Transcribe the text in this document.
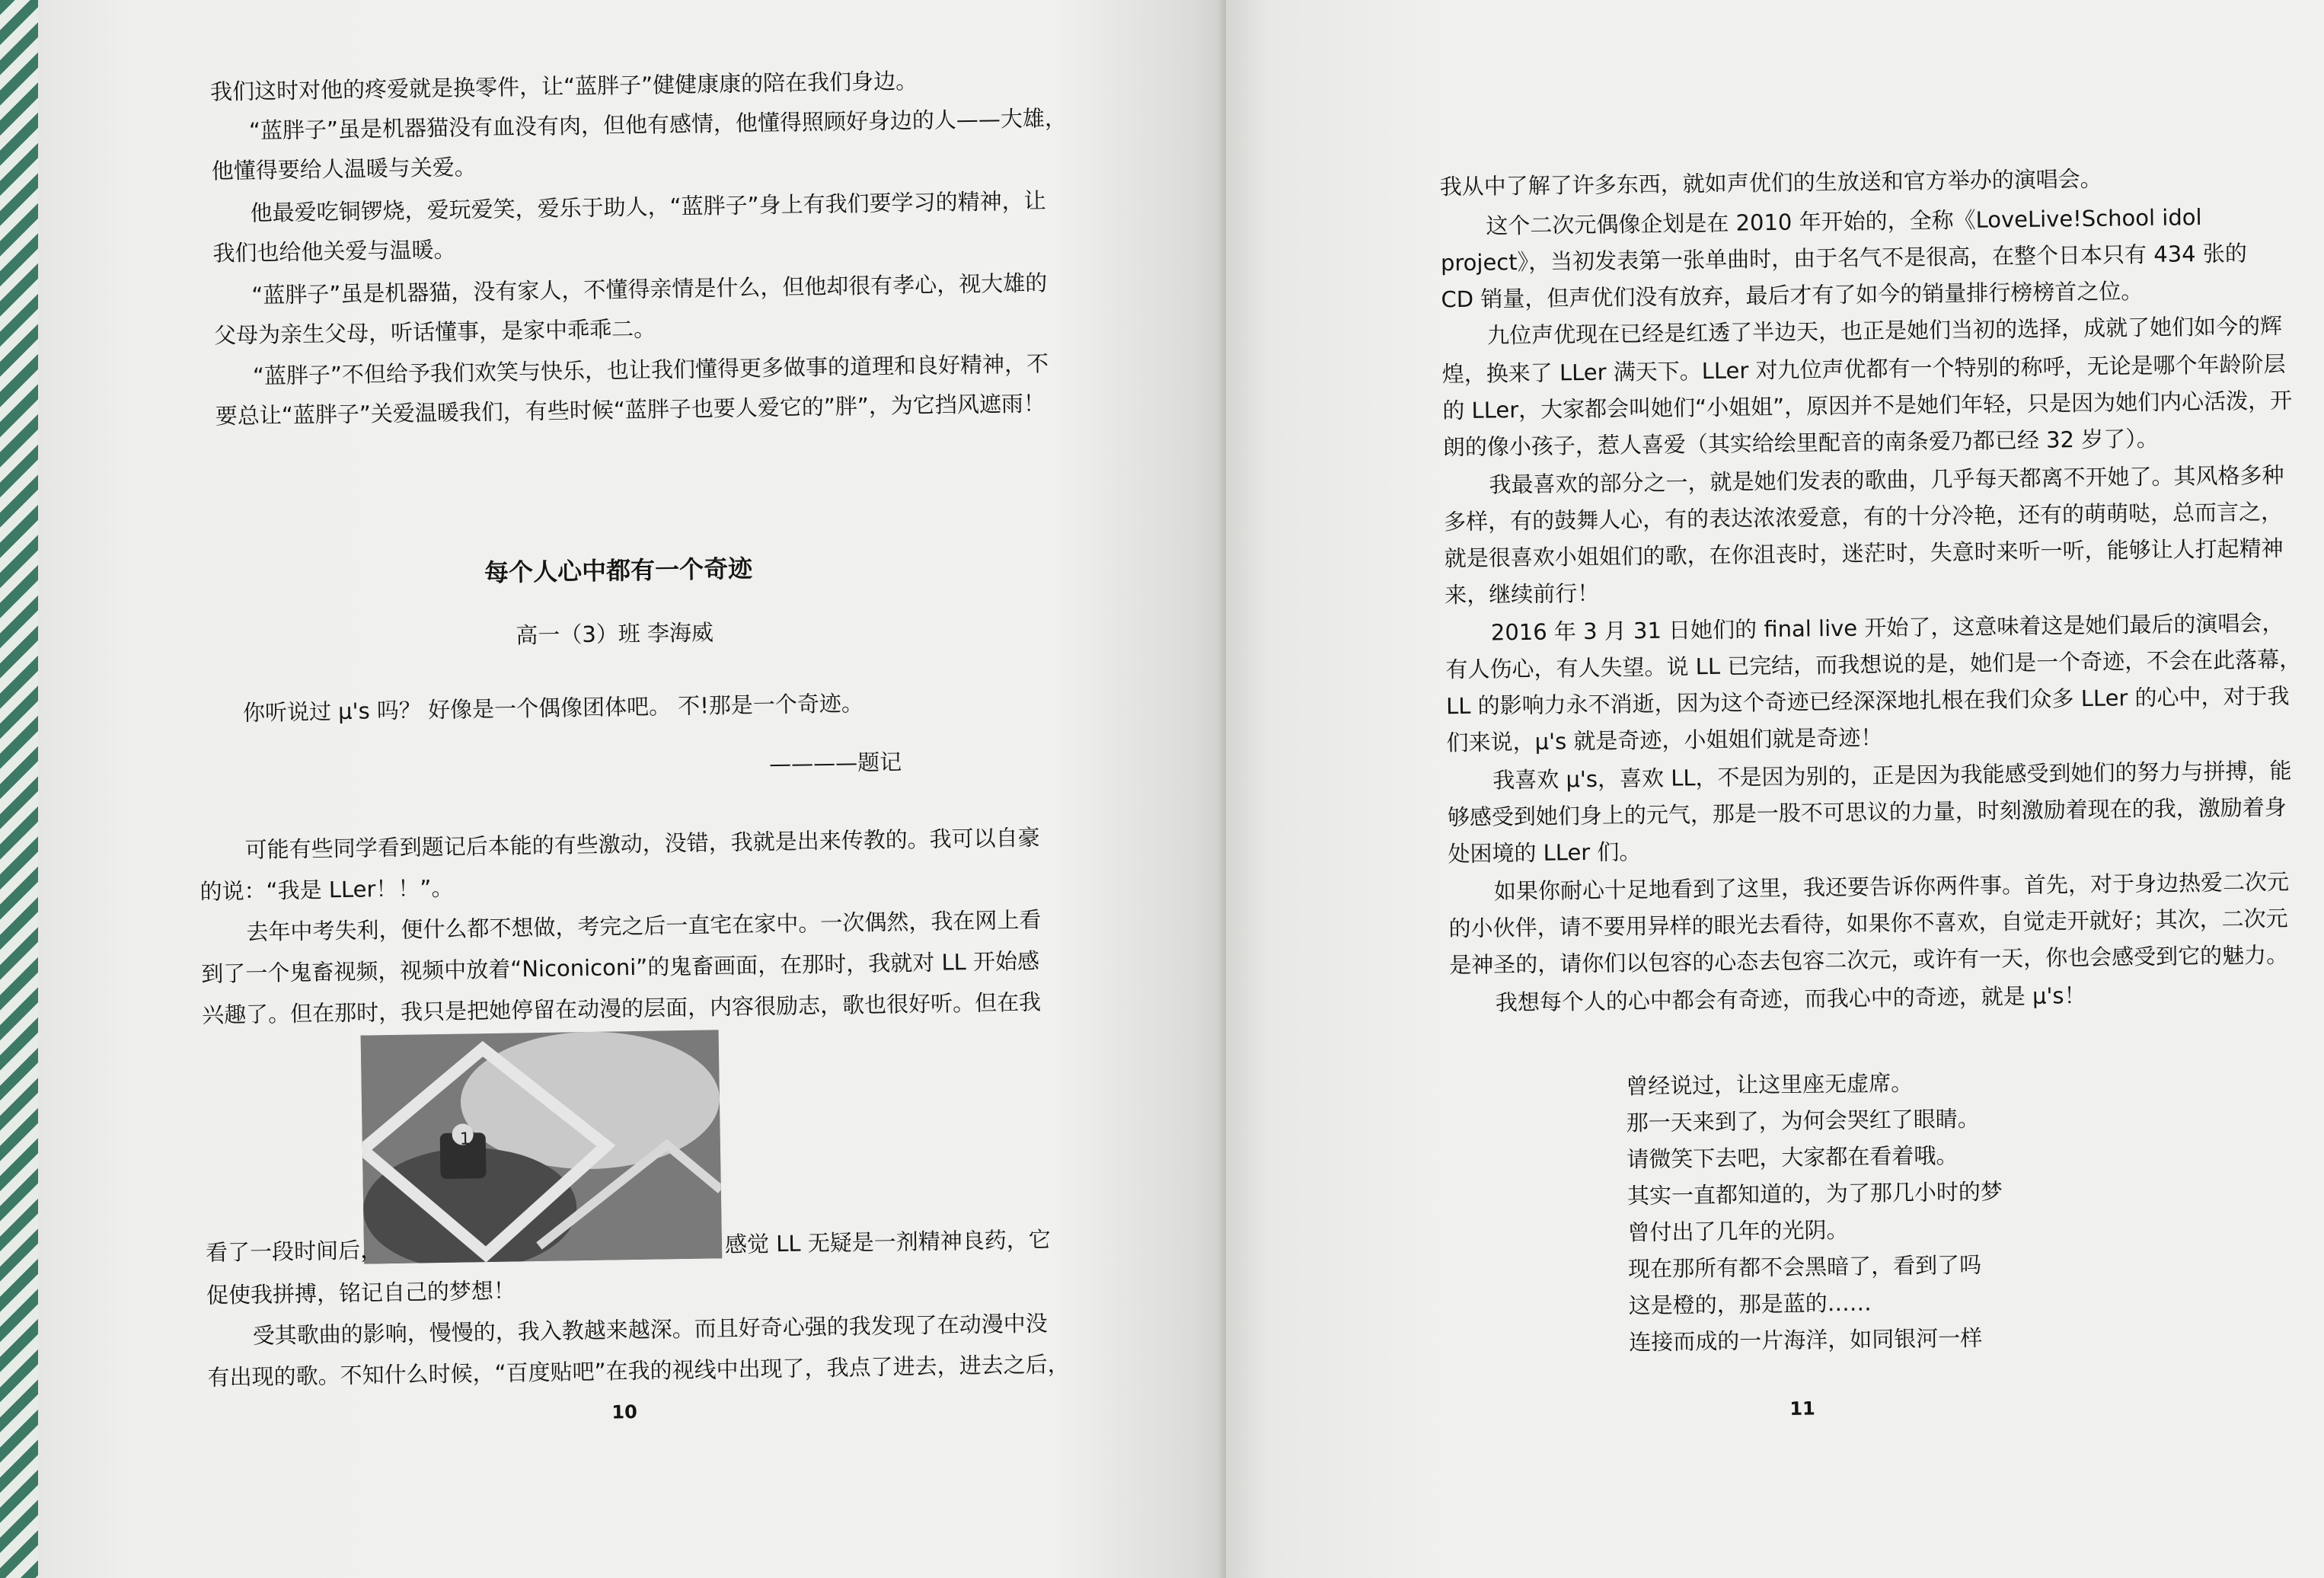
我们这时对他的疼爱就是换零件，让“蓝胖子”健健康康的陪在我们身边。
“蓝胖子”虽是机器猫没有血没有肉，但他有感情，他懂得照顾好身边的人——大雄，
他懂得要给人温暖与关爱。
他最爱吃铜锣烧，爱玩爱笑，爱乐于助人，“蓝胖子”身上有我们要学习的精神，让
我们也给他关爱与温暖。
“蓝胖子”虽是机器猫，没有家人，不懂得亲情是什么，但他却很有孝心，视大雄的
父母为亲生父母，听话懂事，是家中乖乖二。
“蓝胖子”不但给予我们欢笑与快乐，也让我们懂得更多做事的道理和良好精神，不
要总让“蓝胖子”关爱温暖我们，有些时候“蓝胖子也要人爱它的”胖”，为它挡风遮雨！
每个人心中都有一个奇迹
高一（3）班 李海威
你听说过 μ's 吗？ 好像是一个偶像团体吧。 不!那是一个奇迹。
————题记
可能有些同学看到题记后本能的有些激动，没错，我就是出来传教的。我可以自豪
的说：“我是 LLer！！”。
去年中考失利，便什么都不想做，考完之后一直宅在家中。一次偶然，我在网上看
到了一个鬼畜视频，视频中放着“Niconiconi”的鬼畜画面，在那时，我就对 LL 开始感
兴趣了。但在那时，我只是把她停留在动漫的层面，内容很励志，歌也很好听。但在我
1
看了一段时间后，	感觉 LL 无疑是一剂精神良药，它
促使我拼搏，铭记自己的梦想！
受其歌曲的影响，慢慢的，我入教越来越深。而且好奇心强的我发现了在动漫中没
有出现的歌。不知什么时候，“百度贴吧”在我的视线中出现了，我点了进去，进去之后，
10
我从中了解了许多东西，就如声优们的生放送和官方举办的演唱会。
这个二次元偶像企划是在 2010 年开始的，全称《LoveLive!School idol
project》，当初发表第一张单曲时，由于名气不是很高，在整个日本只有 434 张的
CD 销量，但声优们没有放弃，最后才有了如今的销量排行榜榜首之位。
九位声优现在已经是红透了半边天，也正是她们当初的选择，成就了她们如今的辉
煌，换来了 LLer 满天下。LLer 对九位声优都有一个特别的称呼，无论是哪个年龄阶层
的 LLer，大家都会叫她们“小姐姐”，原因并不是她们年轻，只是因为她们内心活泼，开
朗的像小孩子，惹人喜爱（其实给绘里配音的南条爱乃都已经 32 岁了）。
我最喜欢的部分之一，就是她们发表的歌曲，几乎每天都离不开她了。其风格多种
多样，有的鼓舞人心，有的表达浓浓爱意，有的十分冷艳，还有的萌萌哒，总而言之，
就是很喜欢小姐姐们的歌，在你沮丧时，迷茫时，失意时来听一听，能够让人打起精神
来，继续前行！
2016 年 3 月 31 日她们的 final live 开始了，这意味着这是她们最后的演唱会，
有人伤心，有人失望。说 LL 已完结，而我想说的是，她们是一个奇迹，不会在此落幕，
LL 的影响力永不消逝，因为这个奇迹已经深深地扎根在我们众多 LLer 的心中，对于我
们来说，μ's 就是奇迹，小姐姐们就是奇迹！
我喜欢 μ's，喜欢 LL，不是因为别的，正是因为我能感受到她们的努力与拼搏，能
够感受到她们身上的元气，那是一股不可思议的力量，时刻激励着现在的我，激励着身
处困境的 LLer 们。
如果你耐心十足地看到了这里，我还要告诉你两件事。首先，对于身边热爱二次元
的小伙伴，请不要用异样的眼光去看待，如果你不喜欢，自觉走开就好；其次，二次元
是神圣的，请你们以包容的心态去包容二次元，或许有一天，你也会感受到它的魅力。
我想每个人的心中都会有奇迹，而我心中的奇迹，就是 μ's！
曾经说过，让这里座无虚席。
那一天来到了，为何会哭红了眼睛。
请微笑下去吧，大家都在看着哦。
其实一直都知道的，为了那几小时的梦
曾付出了几年的光阴。
现在那所有都不会黑暗了，看到了吗
这是橙的，那是蓝的……
连接而成的一片海洋，如同银河一样
11
